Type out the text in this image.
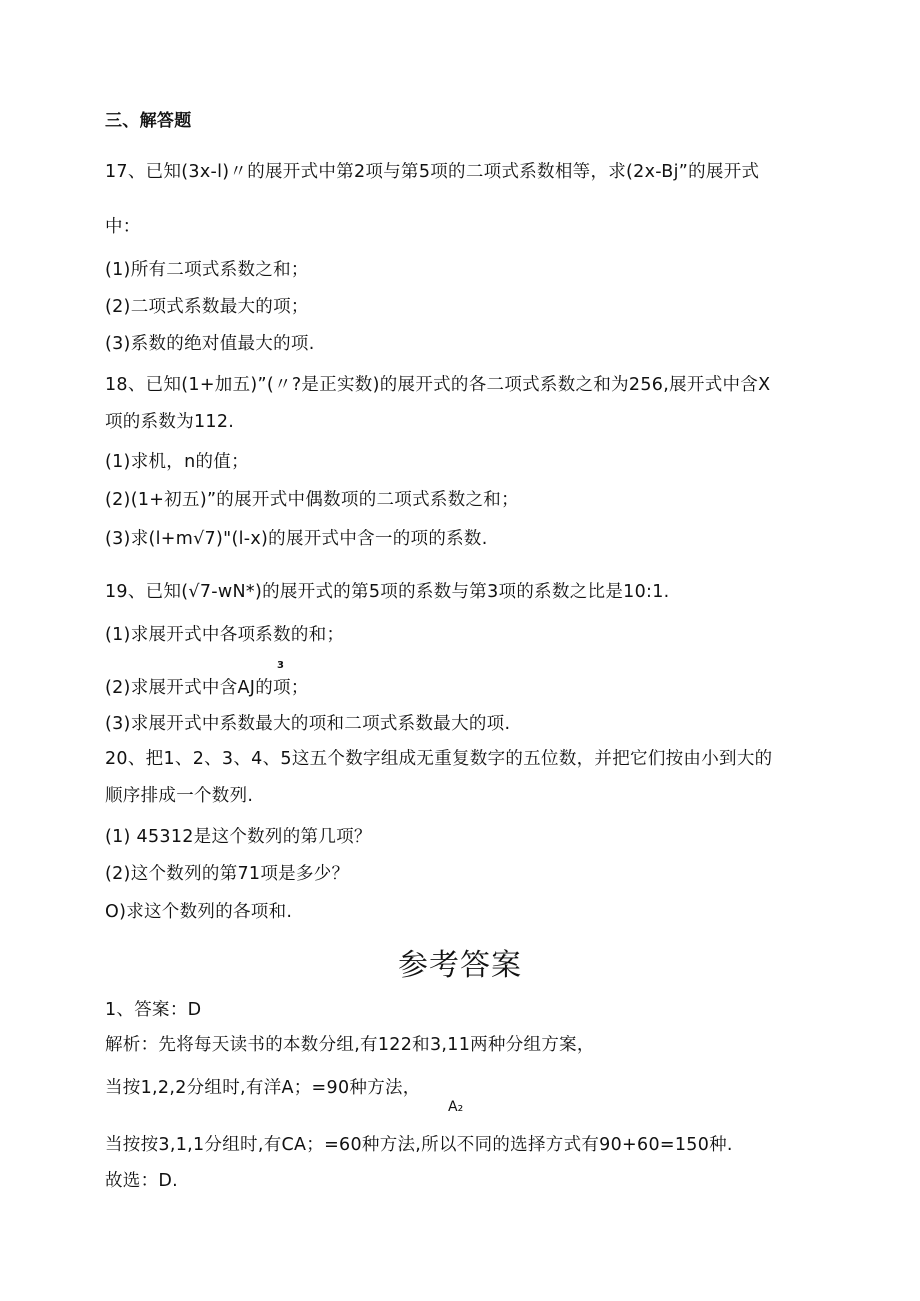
三、解答题
17、已知(3x-l)〃的展开式中第2项与第5项的二项式系数相等，求(2x-Bj”的展开式
中：
(1)所有二项式系数之和；
(2)二项式系数最大的项；
(3)系数的绝对值最大的项.
18、已知(1+加五)”(〃?是正实数)的展开式的各二项式系数之和为256,展开式中含X
项的系数为112.
(1)求机，n的值；
(2)(1+初五)”的展开式中偶数项的二项式系数之和；
(3)求(l+m√7)"(l-x)的展开式中含一的项的系数.
19、已知(√7-wN*)的展开式的第5项的系数与第3项的系数之比是10:1.
(1)求展开式中各项系数的和；
3
(2)求展开式中含AJ的项；
(3)求展开式中系数最大的项和二项式系数最大的项.
20、把1、2、3、4、5这五个数字组成无重复数字的五位数，并把它们按由小到大的
顺序排成一个数列.
(1) 45312是这个数列的第几项？
(2)这个数列的第71项是多少？
O)求这个数列的各项和.
参考答案
1、答案：D
解析：先将每天读书的本数分组,有122和3,11两种分组方案，
当按1,2,2分组时,有洋A；=90种方法，
A₂
当按按3,1,1分组时,有CA；=60种方法,所以不同的选择方式有90+60=150种.
故选：D.
